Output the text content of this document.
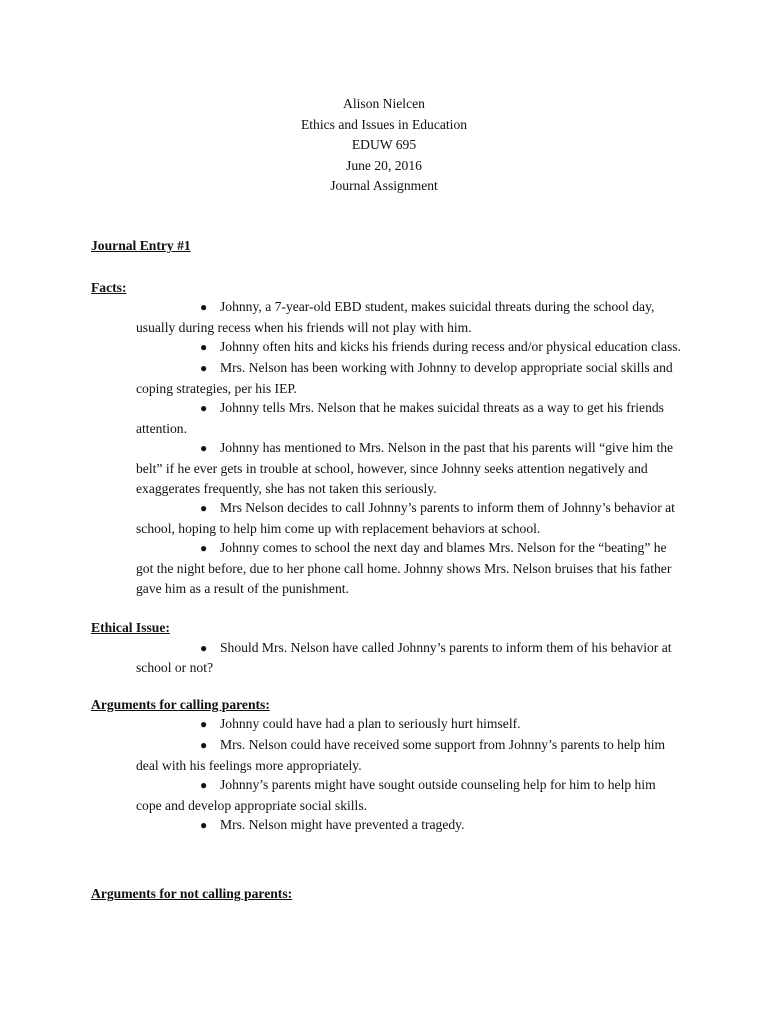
Alison Nielcen
Ethics and Issues in Education
EDUW 695
June 20, 2016
Journal Assignment

Journal Entry #1

Facts:

● Johnny, a 7-year-old EBD student, makes suicidal threats during the school day, usually during recess when his friends will not play with him.
● Johnny often hits and kicks his friends during recess and/or physical education class.
● Mrs. Nelson has been working with Johnny to develop appropriate social skills and coping strategies, per his IEP.
● Johnny tells Mrs. Nelson that he makes suicidal threats as a way to get his friends attention.
● Johnny has mentioned to Mrs. Nelson in the past that his parents will “give him the belt” if he ever gets in trouble at school, however, since Johnny seeks attention negatively and exaggerates frequently, she has not taken this seriously.
● Mrs Nelson decides to call Johnny’s parents to inform them of Johnny’s behavior at school, hoping to help him come up with replacement behaviors at school.
● Johnny comes to school the next day and blames Mrs. Nelson for the “beating” he got the night before, due to her phone call home. Johnny shows Mrs. Nelson bruises that his father gave him as a result of the punishment.

Ethical Issue:

● Should Mrs. Nelson have called Johnny’s parents to inform them of his behavior at school or not?

Arguments for calling parents:

● Johnny could have had a plan to seriously hurt himself.
● Mrs. Nelson could have received some support from Johnny’s parents to help him deal with his feelings more appropriately.
● Johnny’s parents might have sought outside counseling help for him to help him cope and develop appropriate social skills.
● Mrs. Nelson might have prevented a tragedy.

Arguments for not calling parents:
